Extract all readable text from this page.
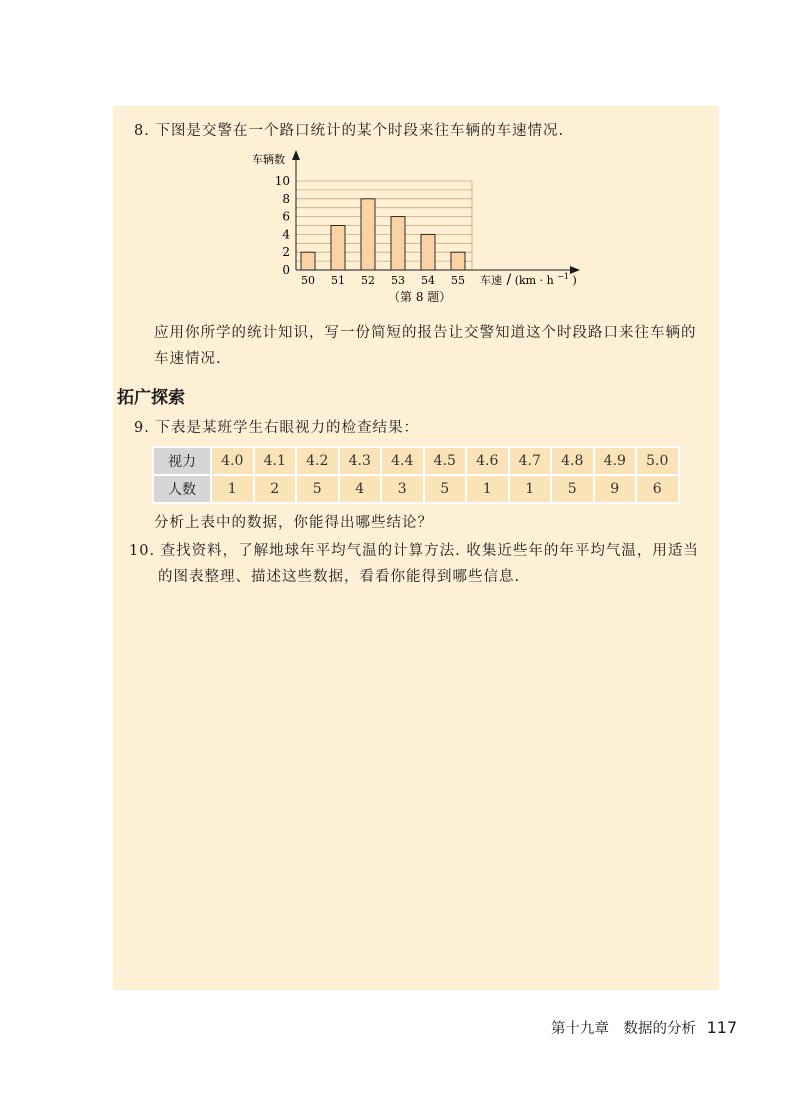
8. 下图是交警在一个路口统计的某个时段来往车辆的车速情况.
车辆数
0
2
4
6
8
10
50 51 52 53 54 55 车速 / (km · h $^{-1}$ )
（第 8 题）
应用你所学的统计知识，写一份简短的报告让交警知道这个时段路口来往车辆的
车速情况.
拓广探索
9. 下表是某班学生右眼视力的检查结果：
视力	4.0	4.1	4.2	4.3	4.4	4.5	4.6	4.7	4.8	4.9	5.0
人数	1	2	5	4	3	5	1	1	5	9	6
分析上表中的数据，你能得出哪些结论？
10. 查找资料，了解地球年平均气温的计算方法. 收集近些年的年平均气温，用适当
的图表整理、描述这些数据，看看你能得到哪些信息.
第十九章　数据的分析 117
